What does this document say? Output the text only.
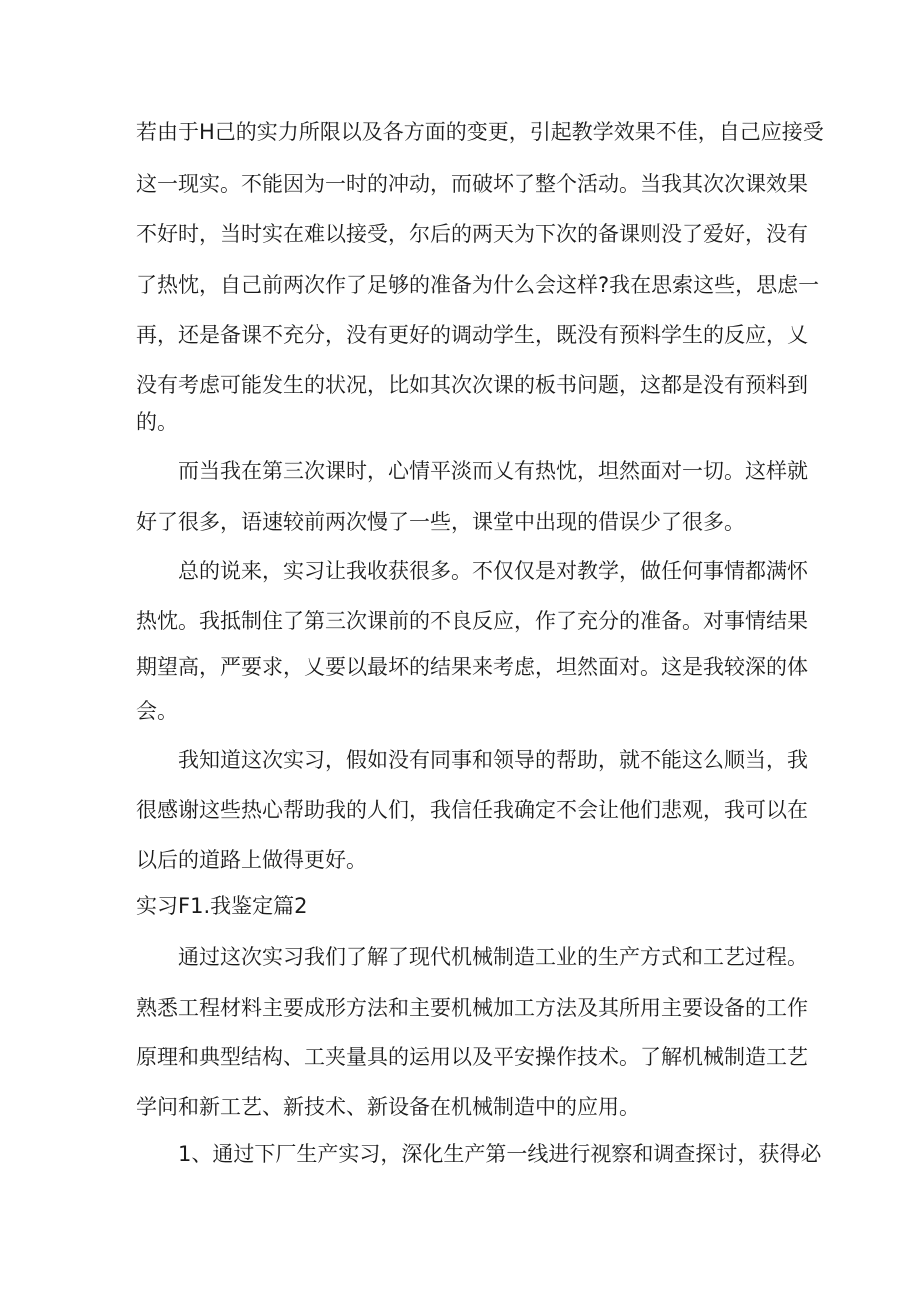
若由于H己的实力所限以及各方面的变更，引起教学效果不佳，自己应接受

这一现实。不能因为一时的冲动，而破坏了整个活动。当我其次次课效果

不好时，当时实在难以接受，尔后的两天为下次的备课则没了爱好，没有

了热忱，自己前两次作了足够的准备为什么会这样?我在思索这些，思虑一

再，还是备课不充分，没有更好的调动学生，既没有预料学生的反应，乂

没有考虑可能发生的状况，比如其次次课的板书问题，这都是没有预料到

的。

而当我在第三次课时，心情平淡而乂有热忱，坦然面对一切。这样就

好了很多，语速较前两次慢了一些，课堂中出现的借误少了很多。

总的说来，实习让我收获很多。不仅仅是对教学，做任何事情都满怀

热忱。我抵制住了第三次课前的不良反应，作了充分的准备。对事情结果

期望高，严要求，乂要以最坏的结果来考虑，坦然面对。这是我较深的体

会。

我知道这次实习，假如没有同事和领导的帮助，就不能这么顺当，我

很感谢这些热心帮助我的人们，我信任我确定不会让他们悲观，我可以在

以后的道路上做得更好。

实习F1.我鉴定篇2

通过这次实习我们了解了现代机械制造工业的生产方式和工艺过程。

熟悉工程材料主要成形方法和主要机械加工方法及其所用主要设备的工作

原理和典型结构、工夹量具的运用以及平安操作技术。了解机械制造工艺

学问和新工艺、新技术、新设备在机械制造中的应用。

1、通过下厂生产实习，深化生产第一线进行视察和调查探讨，获得必
